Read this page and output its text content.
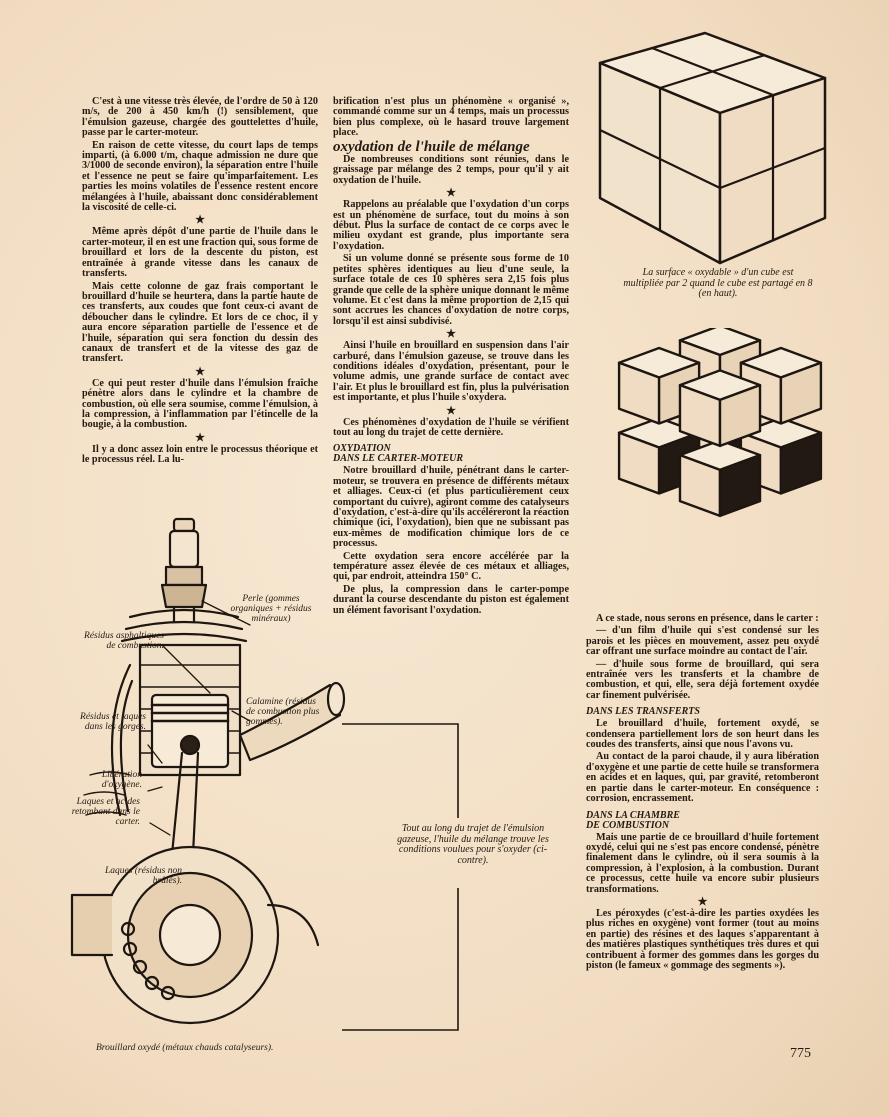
C'est à une vitesse très élevée, de l'ordre de 50 à 120 m/s, de 200 à 450 km/h (!) sensiblement, que l'émulsion gazeuse, chargée des gouttelettes d'huile, passe par le carter-moteur.

En raison de cette vitesse, du court laps de temps imparti, (à 6.000 t/m, chaque admission ne dure que 3/1000 de seconde environ), la séparation entre l'huile et l'essence ne peut se faire qu'imparfaitement. Les parties les moins volatiles de l'essence restent encore mélangées à l'huile, abaissant donc considérablement la viscosité de celle-ci.

★

Même après dépôt d'une partie de l'huile dans le carter-moteur, il en est une fraction qui, sous forme de brouillard et lors de la descente du piston, est entraînée à grande vitesse dans les canaux de transferts.

Mais cette colonne de gaz frais comportant le brouillard d'huile se heurtera, dans la partie haute de ces transferts, aux coudes que font ceux-ci avant de déboucher dans le cylindre. Et lors de ce choc, il y aura encore séparation partielle de l'essence et de l'huile, séparation qui sera fonction du dessin des canaux de transfert et de la vitesse des gaz de transfert.

★

Ce qui peut rester d'huile dans l'émulsion fraîche pénètre alors dans le cylindre et la chambre de combustion, où elle sera soumise, comme l'émulsion, à la compression, à l'inflammation par l'étincelle de la bougie, à la combustion.

★

Il y a donc assez loin entre le processus théorique et le processus réel. La lu-

brification n'est plus un phénomène « organisé », commandé comme sur un 4 temps, mais un processus bien plus complexe, où le hasard trouve largement place.

oxydation de l'huile de mélange

De nombreuses conditions sont réunies, dans le graissage par mélange des 2 temps, pour qu'il y ait oxydation de l'huile.

★

Rappelons au préalable que l'oxydation d'un corps est un phénomène de surface, tout du moins à son début. Plus la surface de contact de ce corps avec le milieu oxydant est grande, plus importante sera l'oxydation.

Si un volume donné se présente sous forme de 10 petites sphères identiques au lieu d'une seule, la surface totale de ces 10 sphères sera 2,15 fois plus grande que celle de la sphère unique donnant le même volume. Et c'est dans la même proportion de 2,15 qui sont accrues les chances d'oxydation de notre corps, lorsqu'il est ainsi subdivisé.

★

Ainsi l'huile en brouillard en suspension dans l'air carburé, dans l'émulsion gazeuse, se trouve dans les conditions idéales d'oxydation, présentant, pour le volume admis, une grande surface de contact avec l'air. Et plus le brouillard est fin, plus la pulvérisation est importante, et plus l'huile s'oxydera.

★

Ces phénomènes d'oxydation de l'huile se vérifient tout au long du trajet de cette dernière.

OXYDATION
DANS LE CARTER-MOTEUR

Notre brouillard d'huile, pénétrant dans le carter-moteur, se trouvera en présence de différents métaux et alliages. Ceux-ci (et plus particulièrement ceux comportant du cuivre), agiront comme des catalyseurs d'oxydation, c'est-à-dire qu'ils accéléreront la réaction chimique (ici, l'oxydation), bien que ne subissant pas eux-mêmes de modification chimique lors de ce processus.

Cette oxydation sera encore accélérée par la température assez élevée de ces métaux et alliages, qui, par endroit, atteindra 150° C.

De plus, la compression dans le carter-pompe durant la course descendante du piston est également un élément favorisant l'oxydation.

A ce stade, nous serons en présence, dans le carter :

— d'un film d'huile qui s'est condensé sur les parois et les pièces en mouvement, assez peu oxydé car offrant une surface moindre au contact de l'air.

— d'huile sous forme de brouillard, qui sera entraînée vers les transferts et la chambre de combustion, et qui, elle, sera déjà fortement oxydée car finement pulvérisée.

DANS LES TRANSFERTS

Le brouillard d'huile, fortement oxydé, se condensera partiellement lors de son heurt dans les coudes des transferts, ainsi que nous l'avons vu.

Au contact de la paroi chaude, il y aura libération d'oxygène et une partie de cette huile se transformera en acides et en laques, qui, par gravité, retomberont en partie dans le carter-moteur. En conséquence : corrosion, encrassement.

DANS LA CHAMBRE
DE COMBUSTION

Mais une partie de ce brouillard d'huile fortement oxydé, celui qui ne s'est pas encore condensé, pénètre finalement dans le cylindre, où il sera soumis à la compression, à l'explosion, à la combustion. Durant ce processus, cette huile va encore subir plusieurs transformations.

★

Les péroxydes (c'est-à-dire les parties oxydées les plus riches en oxygène) vont former (tout au moins en partie) des résines et des laques s'apparentant à des matières plastiques synthétiques très dures et qui contribuent à former des gommes dans les gorges du piston (le fameux « gommage des segments »).

La surface « oxydable » d'un cube est multipliée par 2 quand le cube est partagé en 8 (en haut).
Perle (gommes organiques + résidus minéraux)
Résidus asphaltiques de combustion.
Calamine (résidus de combustion plus gommes).
Résidus et laques dans les gorges.
Libération d'oxygène.
Laques et acides retombant dans le carter.
Laques (résidus non brûlés).
Tout au long du trajet de l'émulsion gazeuse, l'huile du mélange trouve les conditions voulues pour s'oxyder (ci-contre).
Brouillard oxydé (métaux chauds catalyseurs).	775
